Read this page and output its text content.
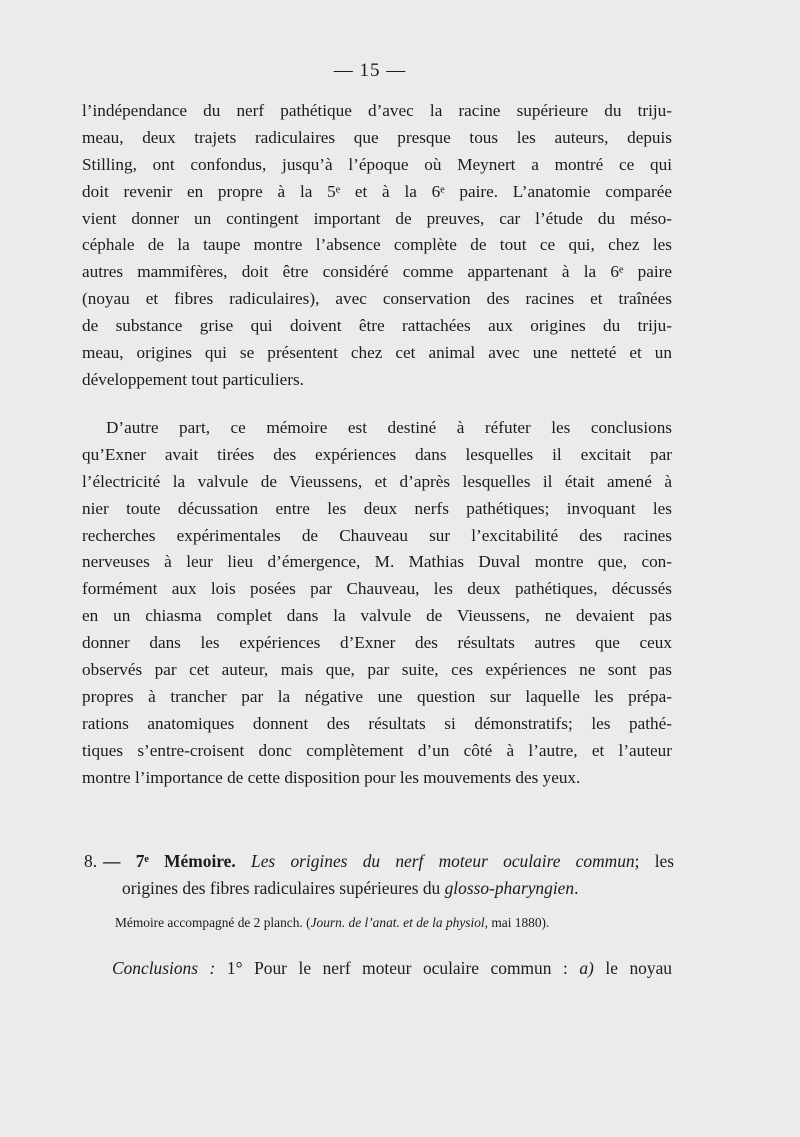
— 15 —
l’indépendance du nerf pathétique d’avec la racine supérieure du triju-
meau, deux trajets radiculaires que presque tous les auteurs, depuis
Stilling, ont confondus, jusqu’à l’époque où Meynert a montré ce qui
doit revenir en propre à la 5ᵉ et à la 6ᵉ paire. L’anatomie comparée
vient donner un contingent important de preuves, car l’étude du méso-
céphale de la taupe montre l’absence complète de tout ce qui, chez les
autres mammifères, doit être considéré comme appartenant à la 6ᵉ paire
(noyau et fibres radiculaires), avec conservation des racines et traînées
de substance grise qui doivent être rattachées aux origines du triju-
meau, origines qui se présentent chez cet animal avec une netteté et un
développement tout particuliers.
D’autre part, ce mémoire est destiné à réfuter les conclusions
qu’Exner avait tirées des expériences dans lesquelles il excitait par
l’électricité la valvule de Vieussens, et d’après lesquelles il était amené à
nier toute décussation entre les deux nerfs pathétiques; invoquant les
recherches expérimentales de Chauveau sur l’excitabilité des racines
nerveuses à leur lieu d’émergence, M. Mathias Duval montre que, con-
formément aux lois posées par Chauveau, les deux pathétiques, décussés
en un chiasma complet dans la valvule de Vieussens, ne devaient pas
donner dans les expériences d’Exner des résultats autres que ceux
observés par cet auteur, mais que, par suite, ces expériences ne sont pas
propres à trancher par la négative une question sur laquelle les prépa-
rations anatomiques donnent des résultats si démonstratifs; les pathé-
tiques s’entre-croisent donc complètement d’un côté à l’autre, et l’auteur
montre l’importance de cette disposition pour les mouvements des yeux.
8. — 7ᵉ Mémoire. Les origines du nerf moteur oculaire commun; les
origines des fibres radiculaires supérieures du glosso-pharyngien.
Mémoire accompagné de 2 planch. (Journ. de l’anat. et de la physiol, mai 1880).
Conclusions : 1° Pour le nerf moteur oculaire commun : a) le noyau
